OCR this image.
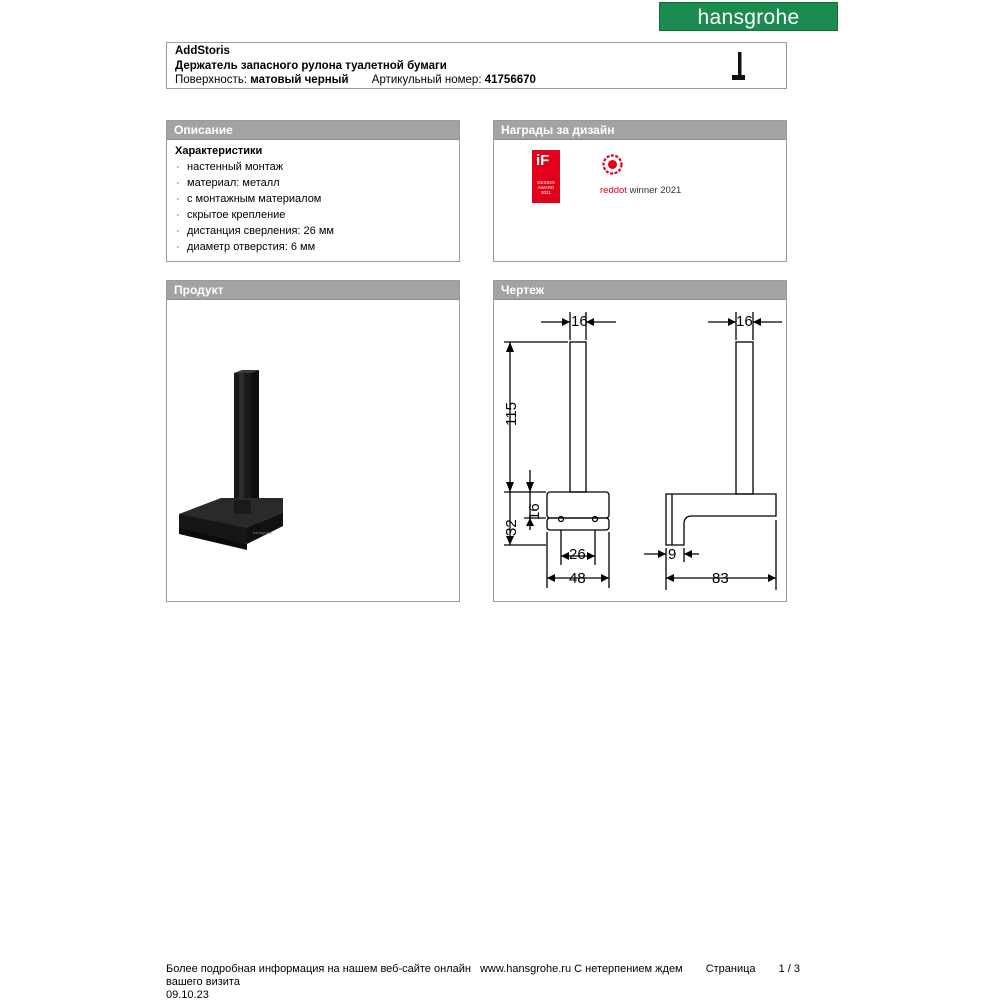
hansgrohe
AddStoris
Держатель запасного рулона туалетной бумаги
Поверхность: матовый черный Артикульный номер: 41756670
Описание
Характеристики
· настенный монтаж
· материал: металл
· с монтажным материалом
· скрытое крепление
· дистанция сверления: 26 мм
· диаметр отверстия: 6 мм
Награды за дизайн
iF
DESIGN
AWARD
2021	reddot winner 2021
Продукт
hansgrohe
Чертеж
16
115
32
16
26
48
16
9
83
Более подробная информация на нашем веб-сайте онлайн www.hansgrohe.ru С нетерпением ждем Страница 1 / 3
вашего визита
09.10.23
